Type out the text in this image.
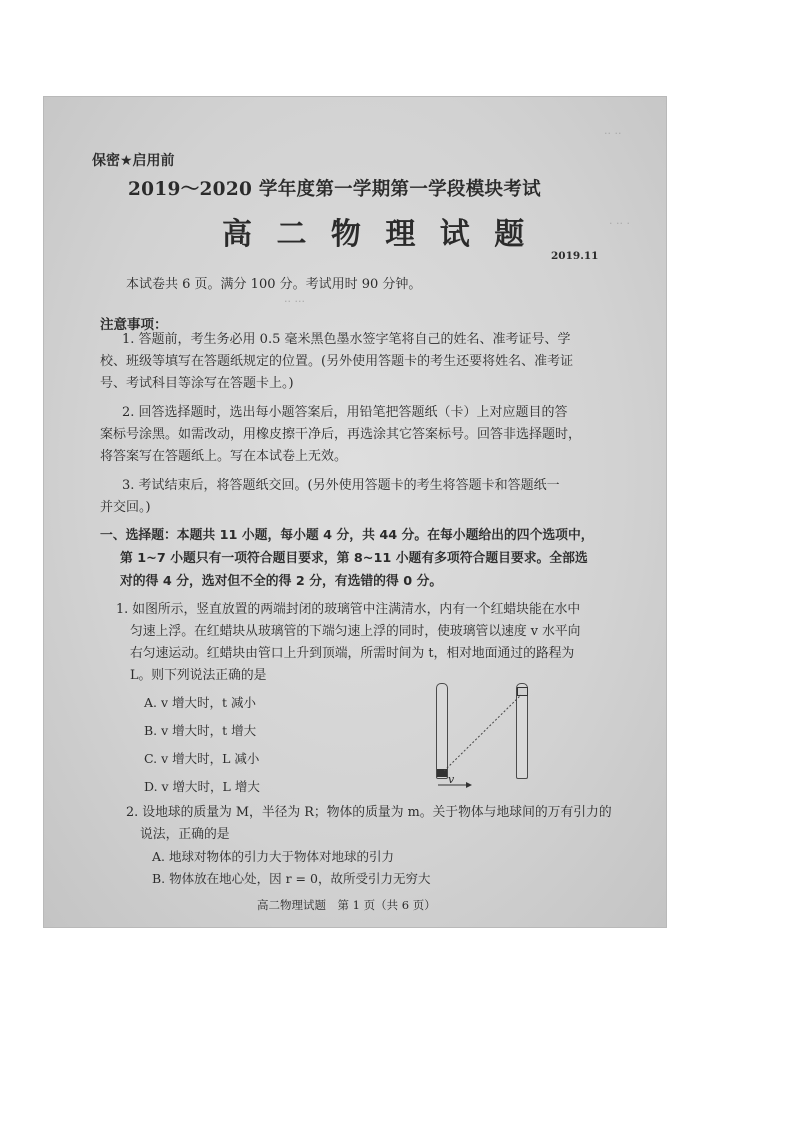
·· ··
· ·· ·
·· ···
保密★启用前
2019～2020 学年度第一学期第一学段模块考试
高 二 物 理 试 题
2019.11
本试卷共 6 页。满分 100 分。考试用时 90 分钟。
注意事项：
1. 答题前，考生务必用 0.5 毫米黑色墨水签字笔将自己的姓名、准考证号、学
校、班级等填写在答题纸规定的位置。(另外使用答题卡的考生还要将姓名、准考证
号、考试科目等涂写在答题卡上。)
2. 回答选择题时，选出每小题答案后，用铅笔把答题纸（卡）上对应题目的答
案标号涂黑。如需改动，用橡皮擦干净后，再选涂其它答案标号。回答非选择题时，
将答案写在答题纸上。写在本试卷上无效。
3. 考试结束后，将答题纸交回。(另外使用答题卡的考生将答题卡和答题纸一
并交回。)
一、选择题：本题共 11 小题，每小题 4 分，共 44 分。在每小题给出的四个选项中，
第 1~7 小题只有一项符合题目要求，第 8~11 小题有多项符合题目要求。全部选
对的得 4 分，选对但不全的得 2 分，有选错的得 0 分。
1. 如图所示，竖直放置的两端封闭的玻璃管中注满清水，内有一个红蜡块能在水中
匀速上浮。在红蜡块从玻璃管的下端匀速上浮的同时，使玻璃管以速度 v 水平向
右匀速运动。红蜡块由管口上升到顶端，所需时间为 t，相对地面通过的路程为
L。则下列说法正确的是
A. v 增大时，t 减小
B. v 增大时，t 增大
C. v 增大时，L 减小
D. v 增大时，L 增大	v
2. 设地球的质量为 M，半径为 R；物体的质量为 m。关于物体与地球间的万有引力的
说法，正确的是
A. 地球对物体的引力大于物体对地球的引力
B. 物体放在地心处，因 r = 0，故所受引力无穷大
高二物理试题　第 1 页（共 6 页）
